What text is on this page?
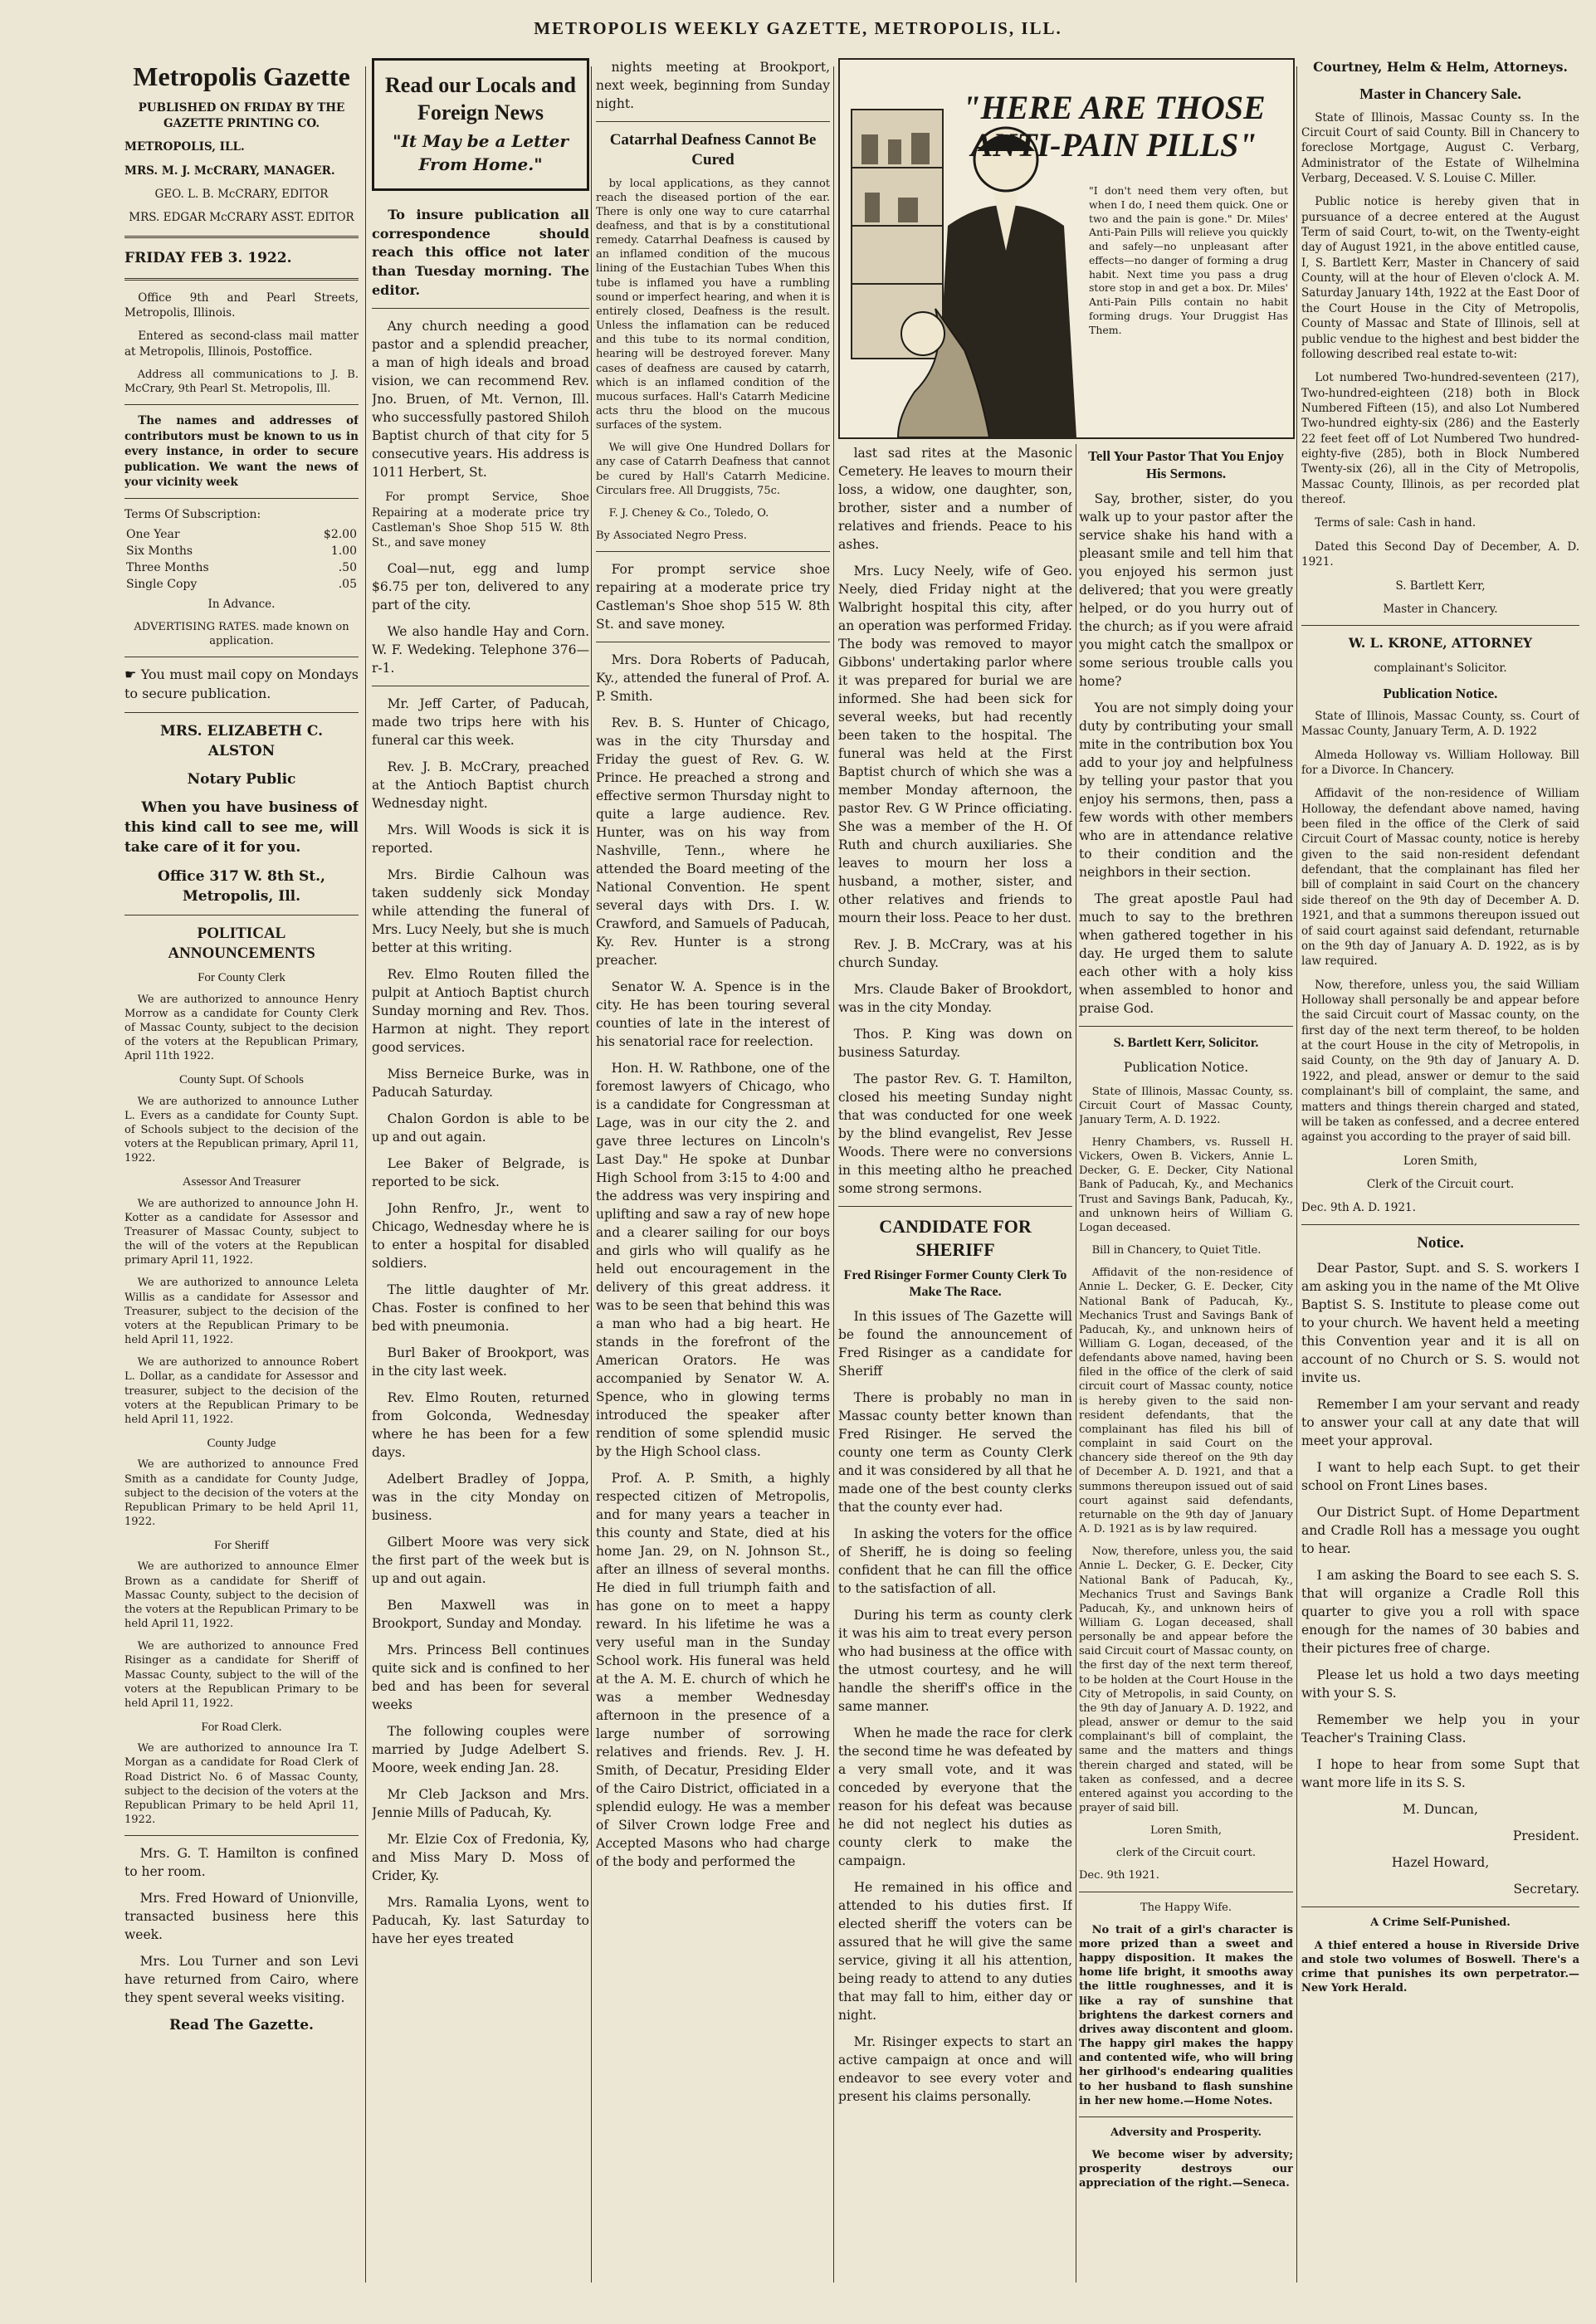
METROPOLIS WEEKLY GAZETTE, METROPOLIS, ILL.
Metropolis Gazette

PUBLISHED ON FRIDAY BY THE GAZETTE PRINTING CO.

METROPOLIS, ILL.

MRS. M. J. McCRARY, MANAGER.

GEO. L. B. McCRARY, EDITOR

MRS. EDGAR McCRARY ASST. EDITOR

FRIDAY FEB 3. 1922.

Office 9th and Pearl Streets, Metropolis, Illinois.

Entered as second-class mail matter at Metropolis, Illinois, Postoffice.

Address all communications to J. B. McCrary, 9th Pearl St. Metropolis, Ill.

The names and addresses of contributors must be known to us in every instance, in order to secure publication. We want the news of your vicinity week

Terms Of Subscription:

One Year	$2.00
Six Months	1.00
Three Months	.50
Single Copy	.05

In Advance.

ADVERTISING RATES. made known on application.

☛ You must mail copy on Mondays to secure publication.

MRS. ELIZABETH C. ALSTON

Notary Public

When you have business of this kind call to see me, will take care of it for you.

Office 317 W. 8th St., Metropolis, Ill.

POLITICAL ANNOUNCEMENTS
For County Clerk

We are authorized to announce Henry Morrow as a candidate for County Clerk of Massac County, subject to the decision of the voters at the Republican Primary, April 11th 1922.

County Supt. Of Schools

We are authorized to announce Luther L. Evers as a candidate for County Supt. of Schools subject to the decision of the voters at the Republican primary, April 11, 1922.

Assessor And Treasurer

We are authorized to announce John H. Kotter as a candidate for Assessor and Treasurer of Massac County, subject to the will of the voters at the Republican primary April 11, 1922.

We are authorized to announce Leleta Willis as a candidate for Assessor and Treasurer, subject to the decision of the voters at the Republican Primary to be held April 11, 1922.

We are authorized to announce Robert L. Dollar, as a candidate for Assessor and treasurer, subject to the decision of the voters at the Republican Primary to be held April 11, 1922.

County Judge

We are authorized to announce Fred Smith as a candidate for County Judge, subject to the decision of the voters at the Republican Primary to be held April 11, 1922.

For Sheriff

We are authorized to announce Elmer Brown as a candidate for Sheriff of Massac County, subject to the decision of the voters at the Republican Primary to be held April 11, 1922.

We are authorized to announce Fred Risinger as a candidate for Sheriff of Massac County, subject to the will of the voters at the Republican Primary to be held April 11, 1922.

For Road Clerk.

We are authorized to announce Ira T. Morgan as a candidate for Road Clerk of Road District No. 6 of Massac County, subject to the decision of the voters at the Republican Primary to be held April 11, 1922.

Mrs. G. T. Hamilton is confined to her room.

Mrs. Fred Howard of Unionville, transacted business here this week.

Mrs. Lou Turner and son Levi have returned from Cairo, where they spent several weeks visiting.

Read The Gazette.

Read our Locals and Foreign News
"It May be a Letter From Home."

To insure publication all correspondence should reach this office not later than Tuesday morning. The editor.

Any church needing a good pastor and a splendid preacher, a man of high ideals and broad vision, we can recommend Rev. Jno. Bruen, of Mt. Vernon, Ill. who successfully pastored Shiloh Baptist church of that city for 5 consecutive years. His address is 1011 Herbert, St.

For prompt Service, Shoe Repairing at a moderate price try Castleman's Shoe Shop 515 W. 8th St., and save money

Coal—nut, egg and lump $6.75 per ton, delivered to any part of the city.

We also handle Hay and Corn. W. F. Wedeking. Telephone 376—r-1.

Mr. Jeff Carter, of Paducah, made two trips here with his funeral car this week.

Rev. J. B. McCrary, preached at the Antioch Baptist church Wednesday night.

Mrs. Will Woods is sick it is reported.

Mrs. Birdie Calhoun was taken suddenly sick Monday while attending the funeral of Mrs. Lucy Neely, but she is much better at this writing.

Rev. Elmo Routen filled the pulpit at Antioch Baptist church Sunday morning and Rev. Thos. Harmon at night. They report good services.

Miss Berneice Burke, was in Paducah Saturday.

Chalon Gordon is able to be up and out again.

Lee Baker of Belgrade, is reported to be sick.

John Renfro, Jr., went to Chicago, Wednesday where he is to enter a hospital for disabled soldiers.

The little daughter of Mr. Chas. Foster is confined to her bed with pneumonia.

Burl Baker of Brookport, was in the city last week.

Rev. Elmo Routen, returned from Golconda, Wednesday where he has been for a few days.

Adelbert Bradley of Joppa, was in the city Monday on business.

Gilbert Moore was very sick the first part of the week but is up and out again.

Ben Maxwell was in Brookport, Sunday and Monday.

Mrs. Princess Bell continues quite sick and is confined to her bed and has been for several weeks

The following couples were married by Judge Adelbert S. Moore, week ending Jan. 28.

Mr Cleb Jackson and Mrs. Jennie Mills of Paducah, Ky.

Mr. Elzie Cox of Fredonia, Ky, and Miss Mary D. Moss of Crider, Ky.

Mrs. Ramalia Lyons, went to Paducah, Ky. last Saturday to have her eyes treated

nights meeting at Brookport, next week, beginning from Sunday night.

Catarrhal Deafness Cannot Be Cured

by local applications, as they cannot reach the diseased portion of the ear. There is only one way to cure catarrhal deafness, and that is by a constitutional remedy. Catarrhal Deafness is caused by an inflamed condition of the mucous lining of the Eustachian Tubes When this tube is inflamed you have a rumbling sound or imperfect hearing, and when it is entirely closed, Deafness is the result. Unless the inflamation can be reduced and this tube to its normal condition, hearing will be destroyed forever. Many cases of deafness are caused by catarrh, which is an inflamed condition of the mucous surfaces. Hall's Catarrh Medicine acts thru the blood on the mucous surfaces of the system.

We will give One Hundred Dollars for any case of Catarrh Deafness that cannot be cured by Hall's Catarrh Medicine. Circulars free. All Druggists, 75c.

F. J. Cheney & Co., Toledo, O.

By Associated Negro Press.

For prompt service shoe repairing at a moderate price try Castleman's Shoe shop 515 W. 8th St. and save money.

Mrs. Dora Roberts of Paducah, Ky., attended the funeral of Prof. A. P. Smith.

Rev. B. S. Hunter of Chicago, was in the city Thursday and Friday the guest of Rev. G. W. Prince. He preached a strong and effective sermon Thursday night to quite a large audience. Rev. Hunter, was on his way from Nashville, Tenn., where he attended the Board meeting of the National Convention. He spent several days with Drs. I. W. Crawford, and Samuels of Paducah, Ky. Rev. Hunter is a strong preacher.

Senator W. A. Spence is in the city. He has been touring several counties of late in the interest of his senatorial race for reelection.

Hon. H. W. Rathbone, one of the foremost lawyers of Chicago, who is a candidate for Congressman at Lage, was in our city the 2. and gave three lectures on Lincoln's Last Day." He spoke at Dunbar High School from 3:15 to 4:00 and the address was very inspiring and uplifting and saw a ray of new hope and a clearer sailing for our boys and girls who will qualify as he held out encouragement in the delivery of this great address. it was to be seen that behind this was a man who had a big heart. He stands in the forefront of the American Orators. He was accompanied by Senator W. A. Spence, who in glowing terms introduced the speaker after rendition of some splendid music by the High School class.

Prof. A. P. Smith, a highly respected citizen of Metropolis, and for many years a teacher in this county and State, died at his home Jan. 29, on N. Johnson St., after an illness of several months. He died in full triumph faith and has gone on to meet a happy reward. In his lifetime he was a very useful man in the Sunday School work. His funeral was held at the A. M. E. church of which he was a member Wednesday afternoon in the presence of a large number of sorrowing relatives and friends. Rev. J. H. Smith, of Decatur, Presiding Elder of the Cairo District, officiated in a splendid eulogy. He was a member of Silver Crown lodge Free and Accepted Masons who had charge of the body and performed the

"HERE ARE THOSE ANTI-PAIN PILLS"
"I don't need them very often, but when I do, I need them quick. One or two and the pain is gone." Dr. Miles' Anti-Pain Pills will relieve you quickly and safely—no unpleasant after effects—no danger of forming a drug habit. Next time you pass a drug store stop in and get a box. Dr. Miles' Anti-Pain Pills contain no habit forming drugs. Your Druggist Has Them.

last sad rites at the Masonic Cemetery. He leaves to mourn their loss, a widow, one daughter, son, brother, sister and a number of relatives and friends. Peace to his ashes.

Mrs. Lucy Neely, wife of Geo. Neely, died Friday night at the Walbright hospital this city, after an operation was performed Friday. The body was removed to mayor Gibbons' undertaking parlor where it was prepared for burial we are informed. She had been sick for several weeks, but had recently been taken to the hospital. The funeral was held at the First Baptist church of which she was a member Monday afternoon, the pastor Rev. G W Prince officiating. She was a member of the H. Of Ruth and church auxiliaries. She leaves to mourn her loss a husband, a mother, sister, and other relatives and friends to mourn their loss. Peace to her dust.

Rev. J. B. McCrary, was at his church Sunday.

Mrs. Claude Baker of Brookdort, was in the city Monday.

Thos. P. King was down on business Saturday.

The pastor Rev. G. T. Hamilton, closed his meeting Sunday night that was conducted for one week by the blind evangelist, Rev Jesse Woods. There were no conversions in this meeting altho he preached some strong sermons.

CANDIDATE FOR SHERIFF
Fred Risinger Former County Clerk To Make The Race.

In this issues of The Gazette will be found the announcement of Fred Risinger as a candidate for Sheriff

There is probably no man in Massac county better known than Fred Risinger. He served the county one term as County Clerk and it was considered by all that he made one of the best county clerks that the county ever had.

In asking the voters for the office of Sheriff, he is doing so feeling confident that he can fill the office to the satisfaction of all.

During his term as county clerk it was his aim to treat every person who had business at the office with the utmost courtesy, and he will handle the sheriff's office in the same manner.

When he made the race for clerk the second time he was defeated by a very small vote, and it was conceded by everyone that the reason for his defeat was because he did not neglect his duties as county clerk to make the campaign.

He remained in his office and attended to his duties first. If elected sheriff the voters can be assured that he will give the same service, giving it all his attention, being ready to attend to any duties that may fall to him, either day or night.

Mr. Risinger expects to start an active campaign at once and will endeavor to see every voter and present his claims personally.

Tell Your Pastor That You Enjoy His Sermons.

Say, brother, sister, do you walk up to your pastor after the service shake his hand with a pleasant smile and tell him that you enjoyed his sermon just delivered; that you were greatly helped, or do you hurry out of the church; as if you were afraid you might catch the smallpox or some serious trouble calls you home?

You are not simply doing your duty by contributing your small mite in the contribution box You add to your joy and helpfulness by telling your pastor that you enjoy his sermons, then, pass a few words with other members who are in attendance relative to their condition and the neighbors in their section.

The great apostle Paul had much to say to the brethren when gathered together in his day. He urged them to salute each other with a holy kiss when assembled to honor and praise God.

S. Bartlett Kerr, Solicitor.

Publication Notice.

State of Illinois, Massac County, ss. Circuit Court of Massac County, January Term, A. D. 1922.

Henry Chambers, vs. Russell H. Vickers, Owen B. Vickers, Annie L. Decker, G. E. Decker, City National Bank of Paducah, Ky., and Mechanics Trust and Savings Bank, Paducah, Ky., and unknown heirs of William G. Logan deceased.

Bill in Chancery, to Quiet Title.

Affidavit of the non-residence of Annie L. Decker, G. E. Decker, City National Bank of Paducah, Ky., Mechanics Trust and Savings Bank of Paducah, Ky., and unknown heirs of William G. Logan, deceased, of the defendants above named, having been filed in the office of the clerk of said circuit court of Massac county, notice is hereby given to the said non-resident defendants, that the complainant has filed his bill of complaint in said Court on the chancery side thereof on the 9th day of December A. D. 1921, and that a summons thereupon issued out of said court against said defendants, returnable on the 9th day of January A. D. 1921 as is by law required.

Now, therefore, unless you, the said Annie L. Decker, G. E. Decker, City National Bank of Paducah, Ky., Mechanics Trust and Savings Bank Paducah, Ky., and unknown heirs of William G. Logan deceased, shall personally be and appear before the said Circuit court of Massac county, on the first day of the next term thereof, to be holden at the Court House in the City of Metropolis, in said County, on the 9th day of January A. D. 1922, and plead, answer or demur to the said complainant's bill of complaint, the same and the matters and things therein charged and stated, will be taken as confessed, and a decree entered against you according to the prayer of said bill.

Loren Smith,

clerk of the Circuit court.

Dec. 9th 1921.

The Happy Wife.

No trait of a girl's character is more prized than a sweet and happy disposition. It makes the home life bright, it smooths away the little roughnesses, and it is like a ray of sunshine that brightens the darkest corners and drives away discontent and gloom. The happy girl makes the happy and contented wife, who will bring her girlhood's endearing qualities to her husband to flash sunshine in her new home.—Home Notes.

Adversity and Prosperity.

We become wiser by adversity; prosperity destroys our appreciation of the right.—Seneca.

Courtney, Helm & Helm, Attorneys.

Master in Chancery Sale.

State of Illinois, Massac County ss. In the Circuit Court of said County. Bill in Chancery to foreclose Mortgage, August C. Verbarg, Administrator of the Estate of Wilhelmina Verbarg, Deceased. V. S. Louise C. Miller.

Public notice is hereby given that in pursuance of a decree entered at the August Term of said Court, to-wit, on the Twenty-eight day of August 1921, in the above entitled cause, I, S. Bartlett Kerr, Master in Chancery of said County, will at the hour of Eleven o'clock A. M. Saturday January 14th, 1922 at the East Door of the Court House in the City of Metropolis, County of Massac and State of Illinois, sell at public vendue to the highest and best bidder the following described real estate to-wit:

Lot numbered Two-hundred-seventeen (217), Two-hundred-eighteen (218) both in Block Numbered Fifteen (15), and also Lot Numbered Two-hundred eighty-six (286) and the Easterly 22 feet feet off of Lot Numbered Two hundred-eighty-five (285), both in Block Numbered Twenty-six (26), all in the City of Metropolis, Massac County, Illinois, as per recorded plat thereof.

Terms of sale: Cash in hand.

Dated this Second Day of December, A. D. 1921.

S. Bartlett Kerr,

Master in Chancery.

W. L. KRONE, ATTORNEY

complainant's Solicitor.

Publication Notice.

State of Illinois, Massac County, ss. Court of Massac County, January Term, A. D. 1922

Almeda Holloway vs. William Holloway. Bill for a Divorce. In Chancery.

Affidavit of the non-residence of William Holloway, the defendant above named, having been filed in the office of the Clerk of said Circuit Court of Massac county, notice is hereby given to the said non-resident defendant defendant, that the complainant has filed her bill of complaint in said Court on the chancery side thereof on the 9th day of December A. D. 1921, and that a summons thereupon issued out of said court against said defendant, returnable on the 9th day of January A. D. 1922, as is by law required.

Now, therefore, unless you, the said William Holloway shall personally be and appear before the said Circuit court of Massac county, on the first day of the next term thereof, to be holden at the court House in the city of Metropolis, in said County, on the 9th day of January A. D. 1922, and plead, answer or demur to the said complainant's bill of complaint, the same, and matters and things therein charged and stated, will be taken as confessed, and a decree entered against you according to the prayer of said bill.

Loren Smith,

Clerk of the Circuit court.

Dec. 9th A. D. 1921.

Notice.

Dear Pastor, Supt. and S. S. workers I am asking you in the name of the Mt Olive Baptist S. S. Institute to please come out to your church. We havent held a meeting this Convention year and it is all on account of no Church or S. S. would not invite us.

Remember I am your servant and ready to answer your call at any date that will meet your approval.

I want to help each Supt. to get their school on Front Lines bases.

Our District Supt. of Home Department and Cradle Roll has a message you ought to hear.

I am asking the Board to see each S. S. that will organize a Cradle Roll this quarter to give you a roll with space enough for the names of 30 babies and their pictures free of charge.

Please let us hold a two days meeting with your S. S.

Remember we help you in your Teacher's Training Class.

I hope to hear from some Supt that want more life in its S. S.

M. Duncan,

President.

Hazel Howard,

Secretary.

A Crime Self-Punished.

A thief entered a house in Riverside Drive and stole two volumes of Boswell. There's a crime that punishes its own perpetrator.—New York Herald.
